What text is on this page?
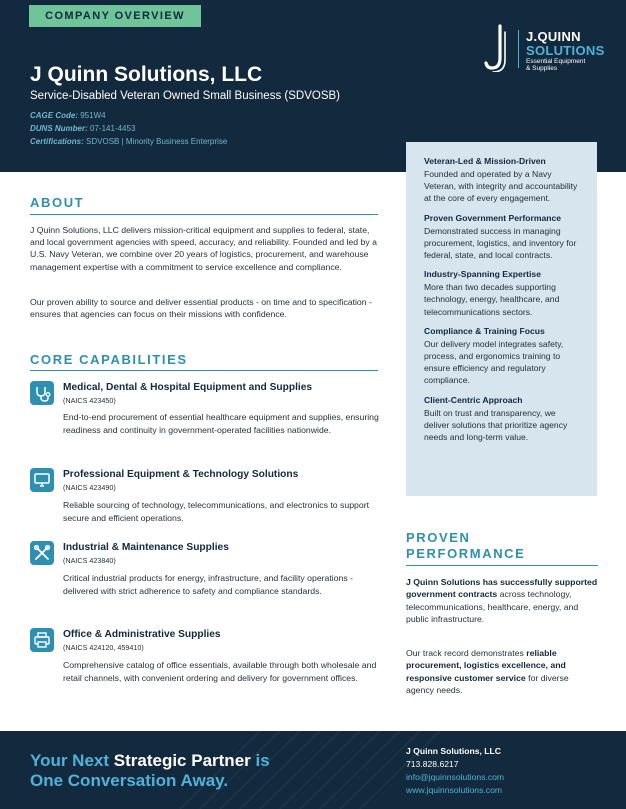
COMPANY OVERVIEW
J Quinn Solutions, LLC
Service-Disabled Veteran Owned Small Business (SDVOSB)
CAGE Code: 951W4
DUNS Number: 07-141-4453
Certifications: SDVOSB | Minority Business Enterprise
J.QUINN
SOLUTIONS
Essential Equipment
& Supplies
Veteran-Led & Mission-Driven

Founded and operated by a Navy Veteran, with integrity and accountability at the core of every engagement.

Proven Government Performance

Demonstrated success in managing procurement, logistics, and inventory for federal, state, and local contracts.

Industry-Spanning Expertise

More than two decades supporting technology, energy, healthcare, and telecommunications sectors.

Compliance & Training Focus

Our delivery model integrates safety, process, and ergonomics training to ensure efficiency and regulatory compliance.

Client-Centric Approach

Built on trust and transparency, we deliver solutions that prioritize agency needs and long-term value.

ABOUT
J Quinn Solutions, LLC delivers mission-critical equipment and supplies to federal, state, and local government agencies with speed, accuracy, and reliability. Founded and led by a U.S. Navy Veteran, we combine over 20 years of logistics, procurement, and warehouse management expertise with a commitment to service excellence and compliance.
Our proven ability to source and deliver essential products - on time and to specification - ensures that agencies can focus on their missions with confidence.
CORE CAPABILITIES
Medical, Dental & Hospital Equipment and Supplies
(NAICS 423450)

End-to-end procurement of essential healthcare equipment and supplies, ensuring readiness and continuity in government-operated facilities nationwide.

Professional Equipment & Technology Solutions
(NAICS 423490)

Reliable sourcing of technology, telecommunications, and electronics to support secure and efficient operations.

Industrial & Maintenance Supplies
(NAICS 423840)

Critical industrial products for energy, infrastructure, and facility operations - delivered with strict adherence to safety and compliance standards.

Office & Administrative Supplies
(NAICS 424120, 459410)

Comprehensive catalog of office essentials, available through both wholesale and retail channels, with convenient ordering and delivery for government offices.

PROVEN
PERFORMANCE
J Quinn Solutions has successfully supported government contracts across technology, telecommunications, healthcare, energy, and public infrastructure.
Our track record demonstrates reliable procurement, logistics excellence, and responsive customer service for diverse agency needs.
Your Next Strategic Partner is
One Conversation Away.
J Quinn Solutions, LLC
713.828.6217
info@jquinnsolutions.com
www.jquinnsolutions.com
